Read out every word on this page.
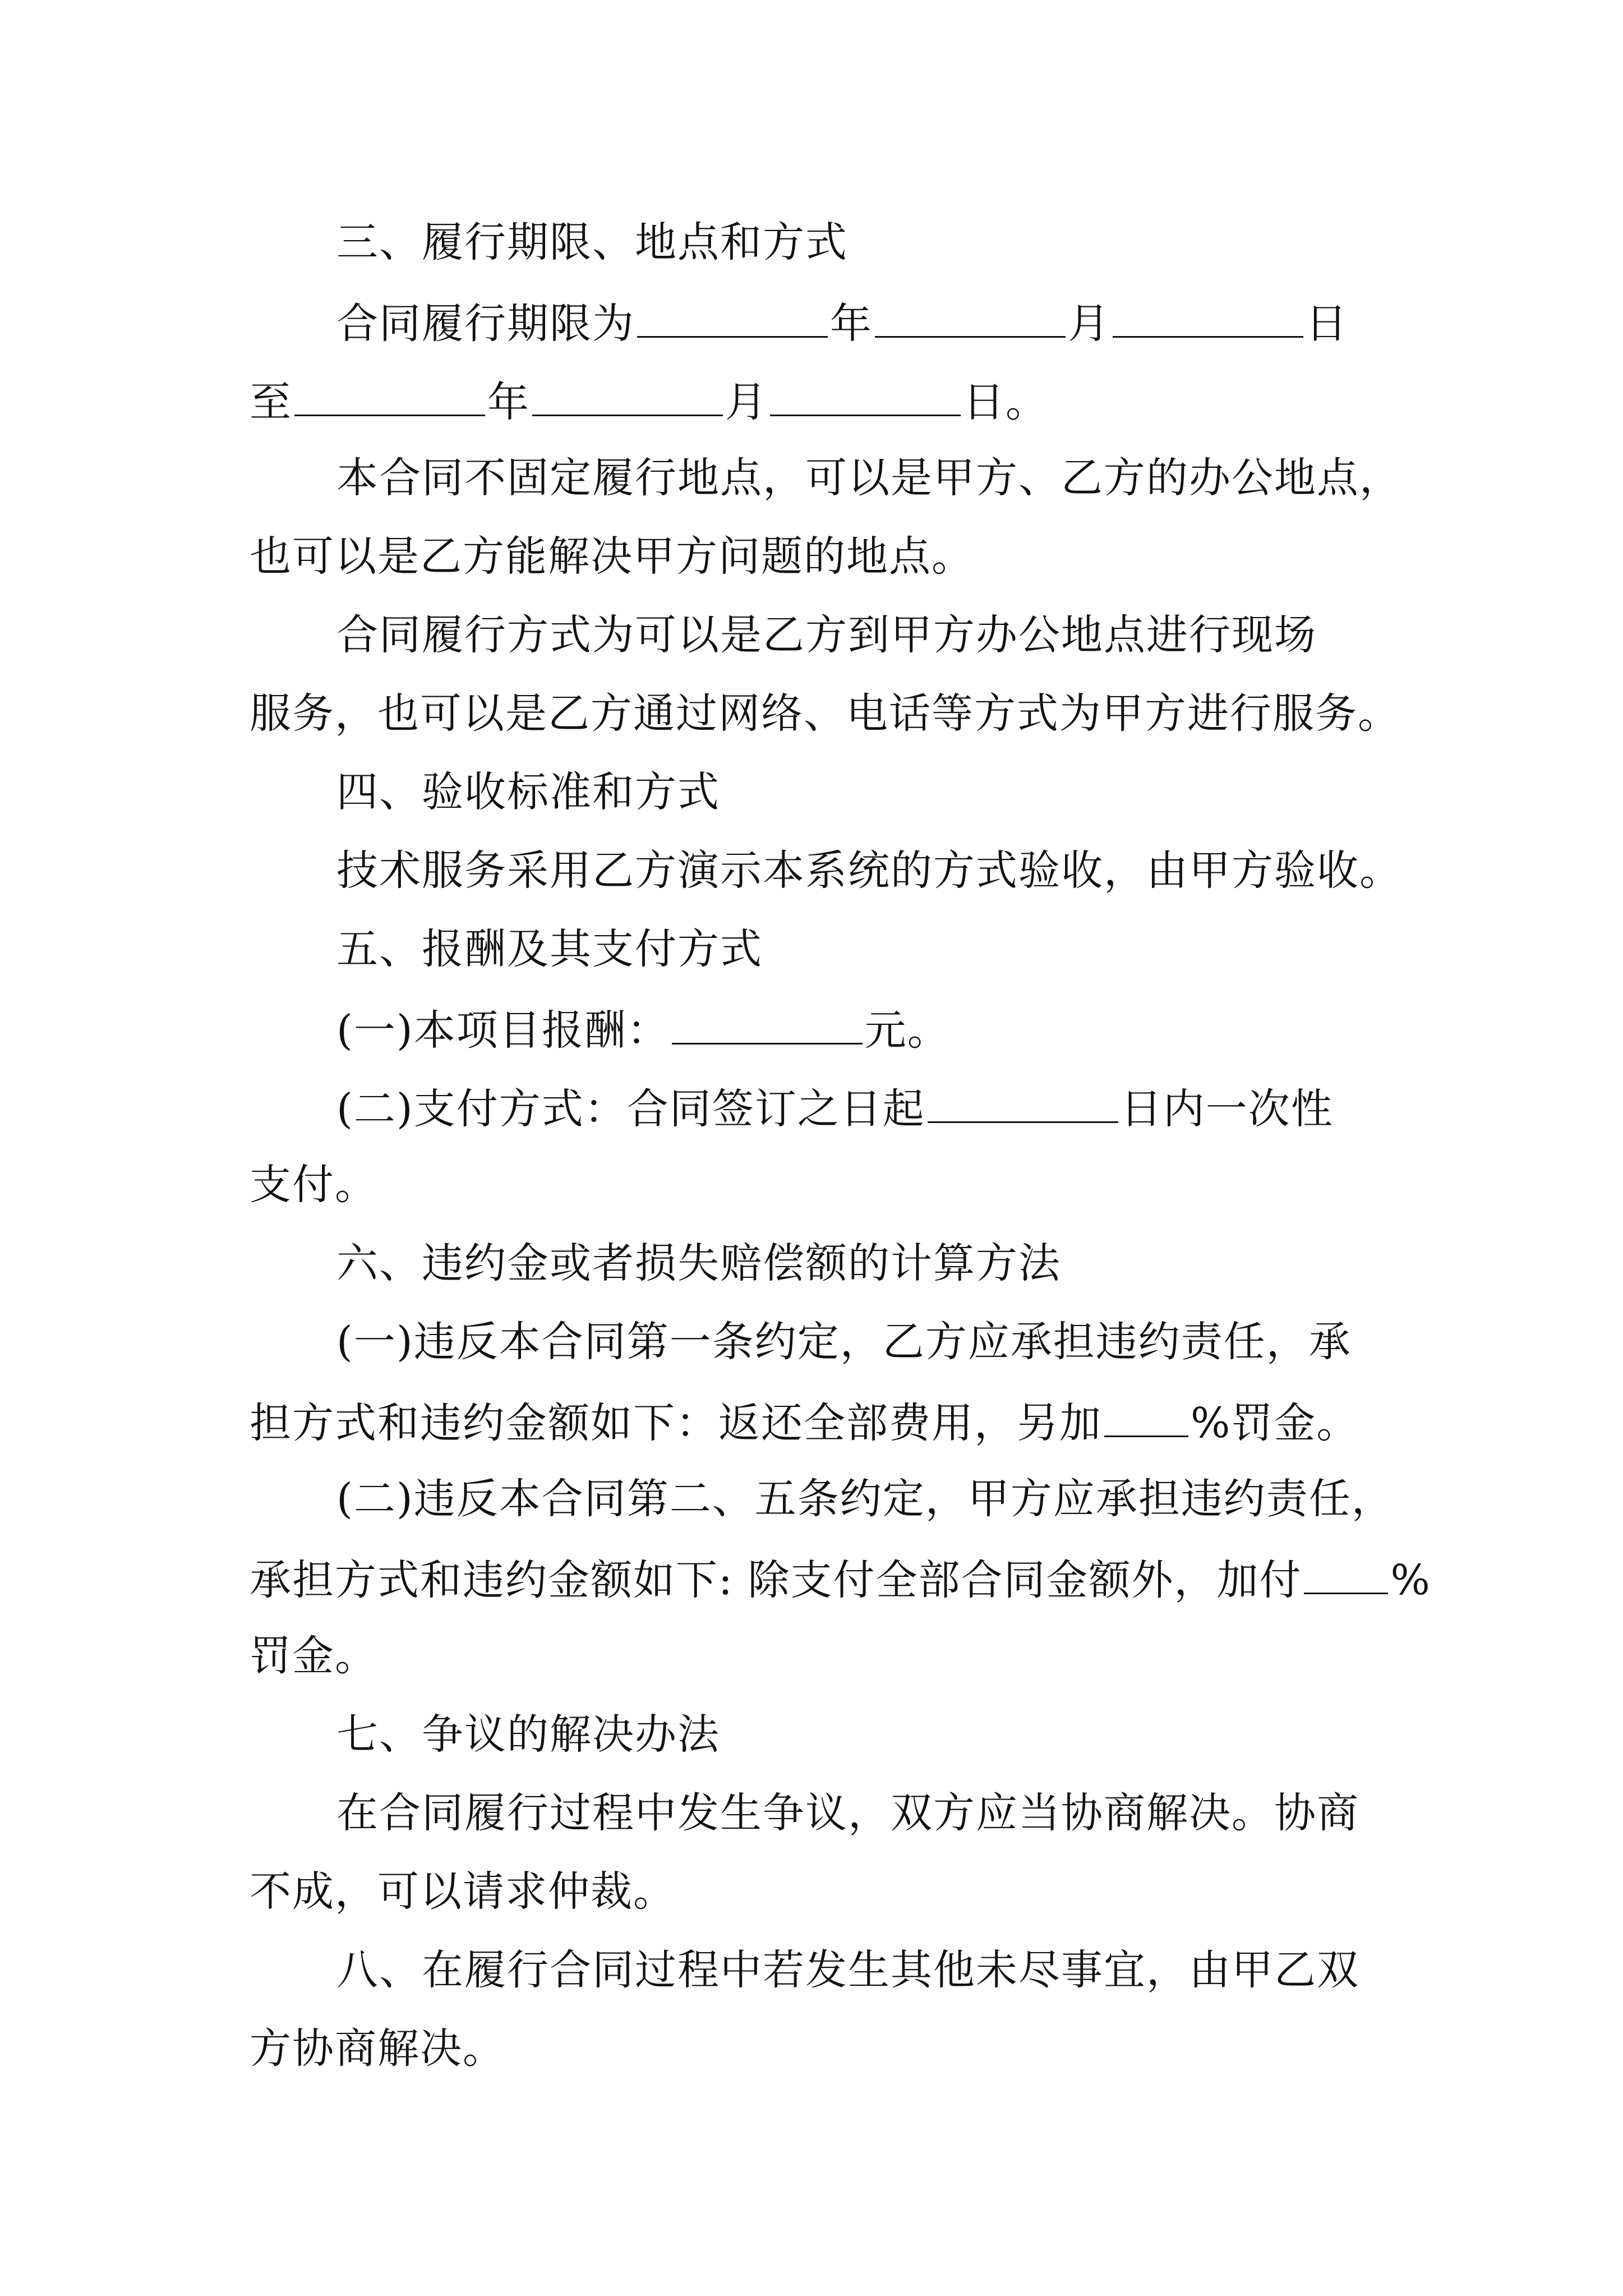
三、履行期限、地点和方式
合同履行期限为	年	月	日
至	年	月	日。
本合同不固定履行地点，可以是甲方、乙方的办公地点，
也可以是乙方能解决甲方问题的地点。
合同履行方式为可以是乙方到甲方办公地点进行现场
服务，也可以是乙方通过网络、电话等方式为甲方进行服务。
四、验收标准和方式
技术服务采用乙方演示本系统的方式验收，由甲方验收。
五、报酬及其支付方式
(一)本项目报酬：	元。
(二)支付方式：合同签订之日起	日内一次性
支付。
六、违约金或者损失赔偿额的计算方法
(一)违反本合同第一条约定，乙方应承担违约责任，承
担方式和违约金额如下：返还全部费用，另加 %罚金。
(二)违反本合同第二、五条约定，甲方应承担违约责任，
承担方式和违约金额如下: 除支付全部合同金额外，加付 %
罚金。
七、争议的解决办法
在合同履行过程中发生争议，双方应当协商解决。协商
不成，可以请求仲裁。
八、在履行合同过程中若发生其他未尽事宜，由甲乙双
方协商解决。
